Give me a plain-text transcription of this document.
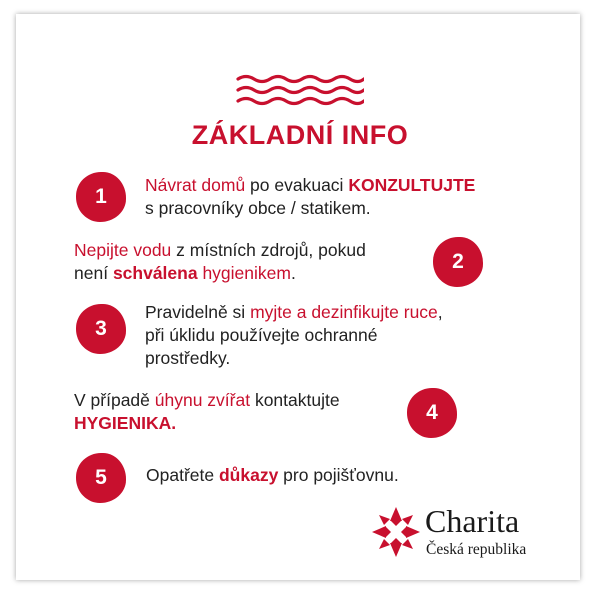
ZÁKLADNÍ INFO
1	Návrat domů po evakuaci KONZULTUJTE
s pracovníky obce / statikem.
Nepijte vodu z místních zdrojů, pokud
není schválena hygienikem.	2
3
Pravidelně si myjte a dezinfikujte ruce,
při úklidu používejte ochranné
prostředky.
V případě úhynu zvířat kontaktujte
HYGIENIKA.	4
5	Opatřete důkazy pro pojišťovnu.
Charita
Česká republika
